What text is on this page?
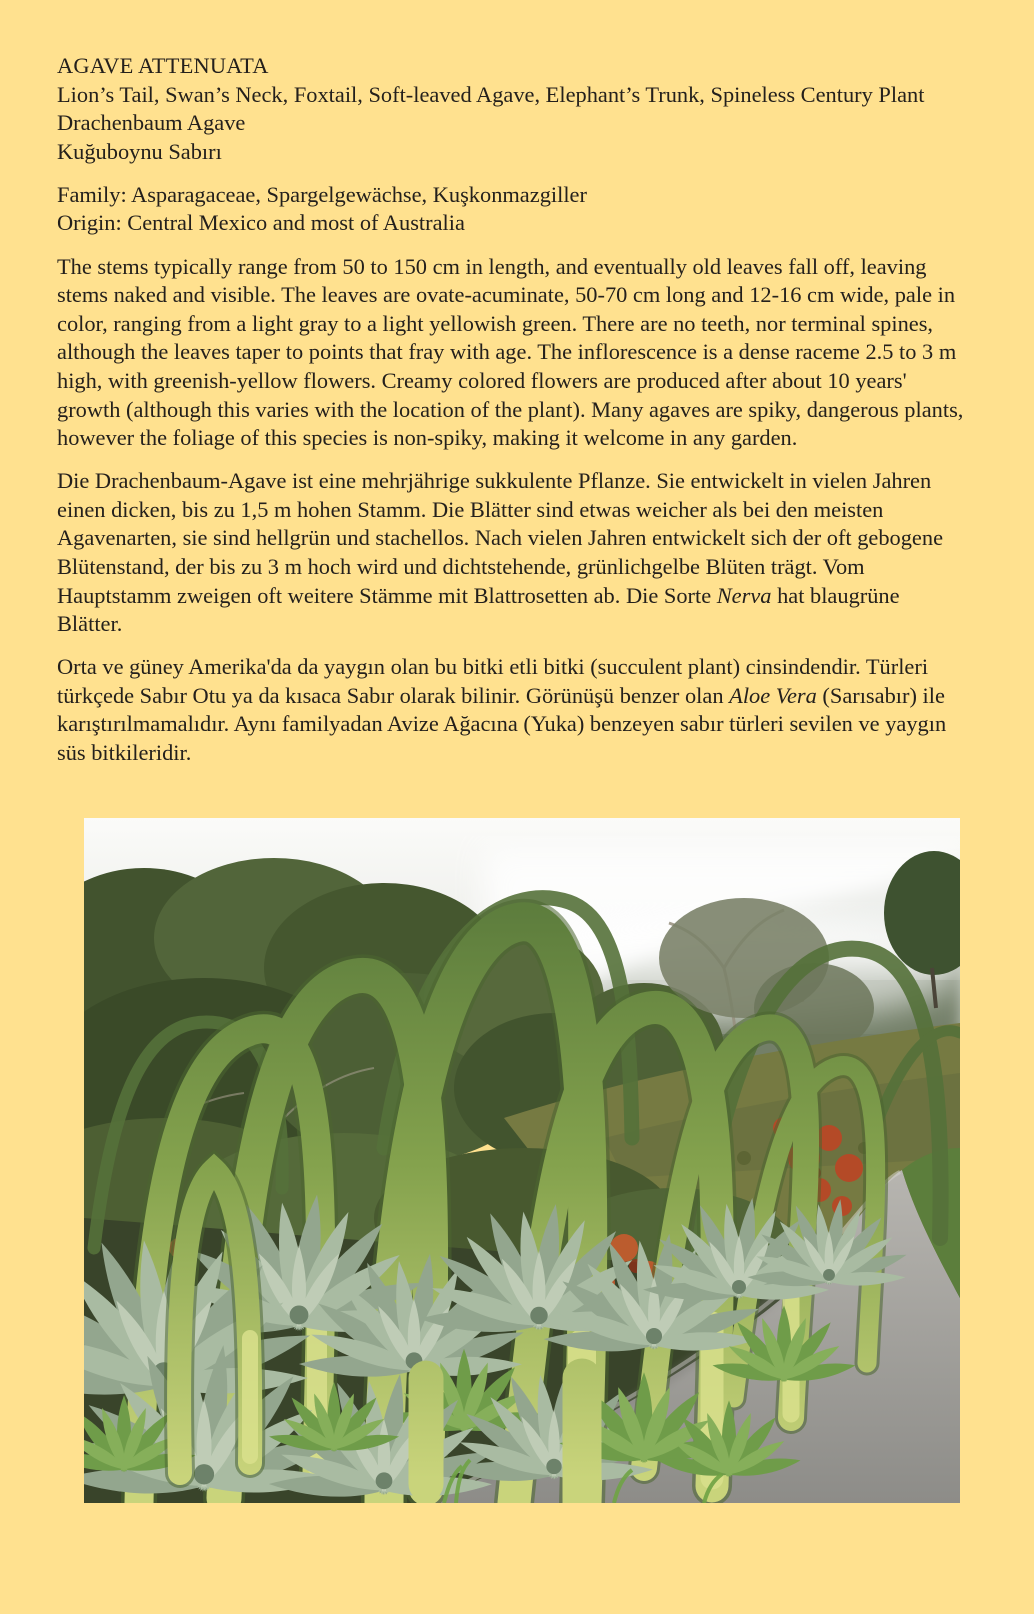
AGAVE ATTENUATA
Lion’s Tail, Swan’s Neck, Foxtail, Soft-leaved Agave, Elephant’s Trunk, Spineless Century Plant
Drachenbaum Agave
Kuğuboynu Sabırı
Family: Asparagaceae, Spargelgewächse, Kuşkonmazgiller
Origin: Central Mexico and most of Australia

The stems typically range from 50 to 150 cm in length, and eventually old leaves fall off, leaving stems naked and visible. The leaves are ovate-acuminate, 50-70 cm long and 12-16 cm wide, pale in color, ranging from a light gray to a light yellowish green. There are no teeth, nor terminal spines, although the leaves taper to points that fray with age. The inflorescence is a dense raceme 2.5 to 3 m high, with greenish-yellow flowers. Creamy colored flowers are produced after about 10 years' growth (although this varies with the location of the plant). Many agaves are spiky, dangerous plants, however the foliage of this species is non-spiky, making it welcome in any garden.

Die Drachenbaum-Agave ist eine mehrjährige sukkulente Pflanze. Sie entwickelt in vielen Jahren einen dicken, bis zu 1,5 m hohen Stamm. Die Blätter sind etwas weicher als bei den meisten Agavenarten, sie sind hellgrün und stachellos. Nach vielen Jahren entwickelt sich der oft gebogene Blütenstand, der bis zu 3 m hoch wird und dichtstehende, grünlichgelbe Blüten trägt. Vom Hauptstamm zweigen oft weitere Stämme mit Blattrosetten ab. Die Sorte Nerva hat blaugrüne Blätter.

Orta ve güney Amerika'da da yaygın olan bu bitki etli bitki (succulent plant) cinsindendir. Türleri türkçede Sabır Otu ya da kısaca Sabır olarak bilinir. Görünüşü benzer olan Aloe Vera (Sarısabır) ile karıştırılmamalıdır. Aynı familyadan Avize Ağacına (Yuka) benzeyen sabır türleri sevilen ve yaygın süs bitkileridir.
